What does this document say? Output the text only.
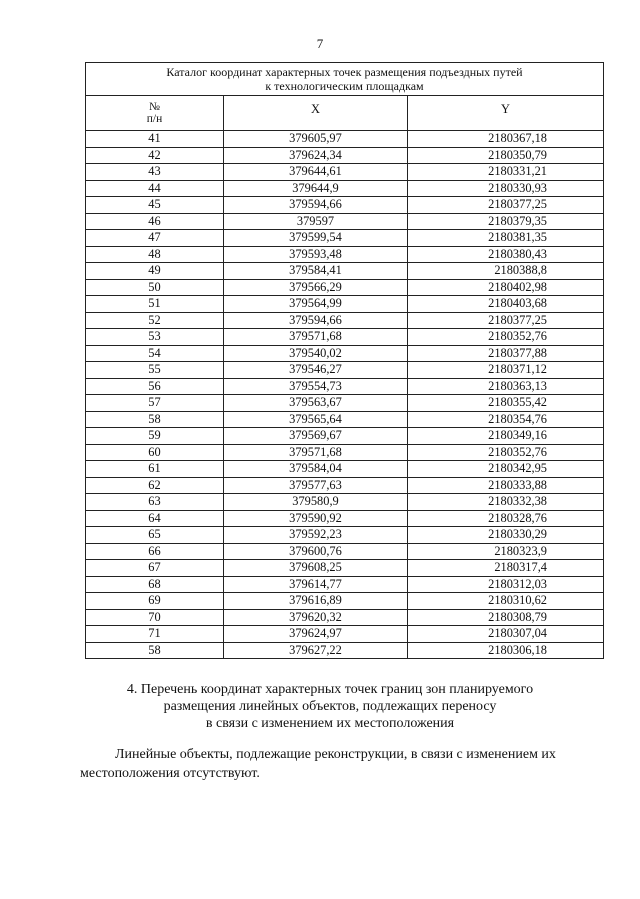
7
Каталог координат характерных точек размещения подъездных путей
к технологическим площадкам		

№
п/н	X	Y
41	379605,97	2180367,18
42	379624,34	2180350,79
43	379644,61	2180331,21
44	379644,9	2180330,93
45	379594,66	2180377,25
46	379597	2180379,35
47	379599,54	2180381,35
48	379593,48	2180380,43
49	379584,41	2180388,8
50	379566,29	2180402,98
51	379564,99	2180403,68
52	379594,66	2180377,25
53	379571,68	2180352,76
54	379540,02	2180377,88
55	379546,27	2180371,12
56	379554,73	2180363,13
57	379563,67	2180355,42
58	379565,64	2180354,76
59	379569,67	2180349,16
60	379571,68	2180352,76
61	379584,04	2180342,95
62	379577,63	2180333,88
63	379580,9	2180332,38
64	379590,92	2180328,76
65	379592,23	2180330,29
66	379600,76	2180323,9
67	379608,25	2180317,4
68	379614,77	2180312,03
69	379616,89	2180310,62
70	379620,32	2180308,79
71	379624,97	2180307,04
58	379627,22	2180306,18
4. Перечень координат характерных точек границ зон планируемого
размещения линейных объектов, подлежащих переносу
в связи с изменением их местоположения
Линейные объекты, подлежащие реконструкции, в связи с изменением их
местоположения отсутствуют.
